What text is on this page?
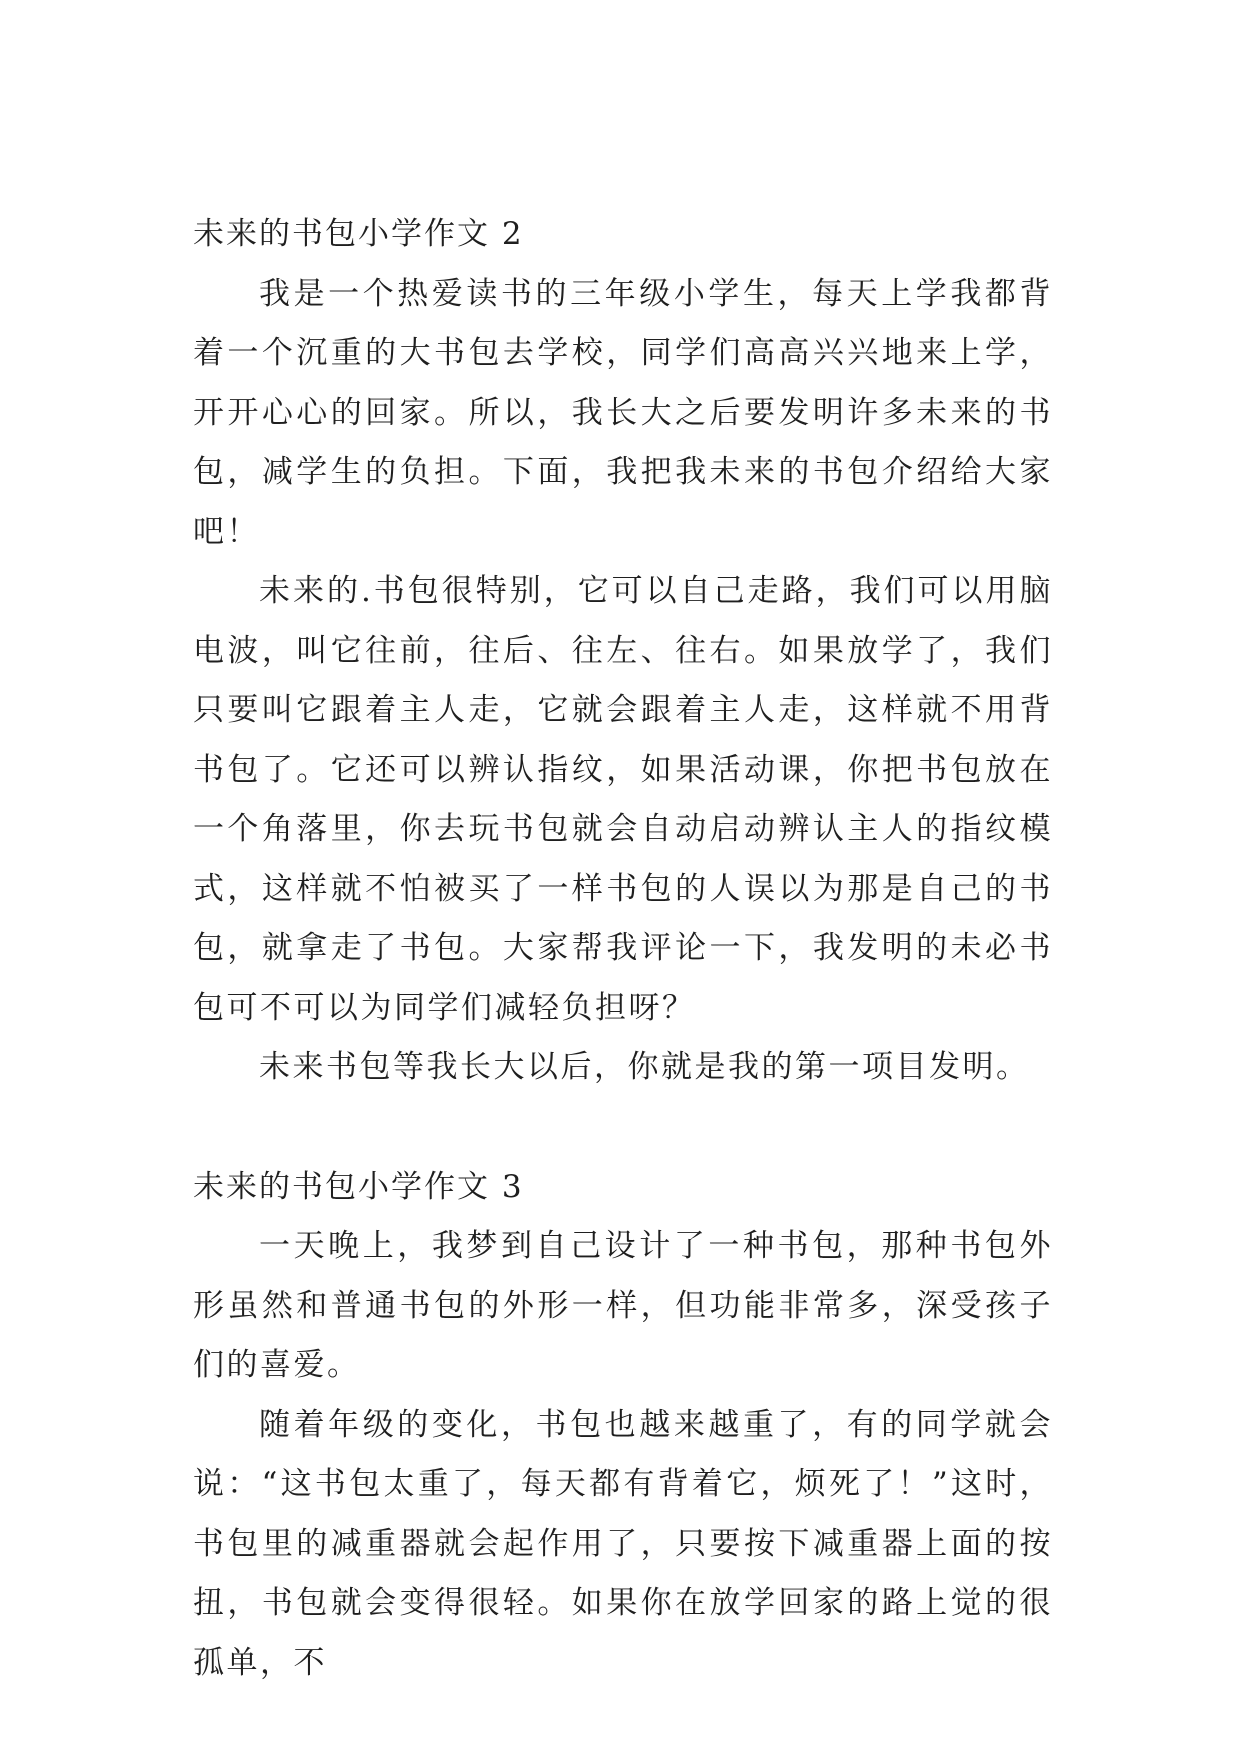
未来的书包小学作文 2

我是一个热爱读书的三年级小学生，每天上学我都背着一个沉重的大书包去学校，同学们高高兴兴地来上学，开开心心的回家。所以，我长大之后要发明许多未来的书包，减学生的负担。下面，我把我未来的书包介绍给大家吧！

未来的.书包很特别，它可以自己走路，我们可以用脑电波，叫它往前，往后、往左、往右。如果放学了，我们只要叫它跟着主人走，它就会跟着主人走，这样就不用背书包了。它还可以辨认指纹，如果活动课，你把书包放在一个角落里，你去玩书包就会自动启动辨认主人的指纹模式，这样就不怕被买了一样书包的人误以为那是自己的书包，就拿走了书包。大家帮我评论一下，我发明的未必书包可不可以为同学们减轻负担呀？

未来书包等我长大以后，你就是我的第一项目发明。

未来的书包小学作文 3

一天晚上，我梦到自己设计了一种书包，那种书包外形虽然和普通书包的外形一样，但功能非常多，深受孩子们的喜爱。

随着年级的变化，书包也越来越重了，有的同学就会说：“这书包太重了，每天都有背着它，烦死了！”这时，书包里的减重器就会起作用了，只要按下减重器上面的按扭，书包就会变得很轻。如果你在放学回家的路上觉的很孤单，不
